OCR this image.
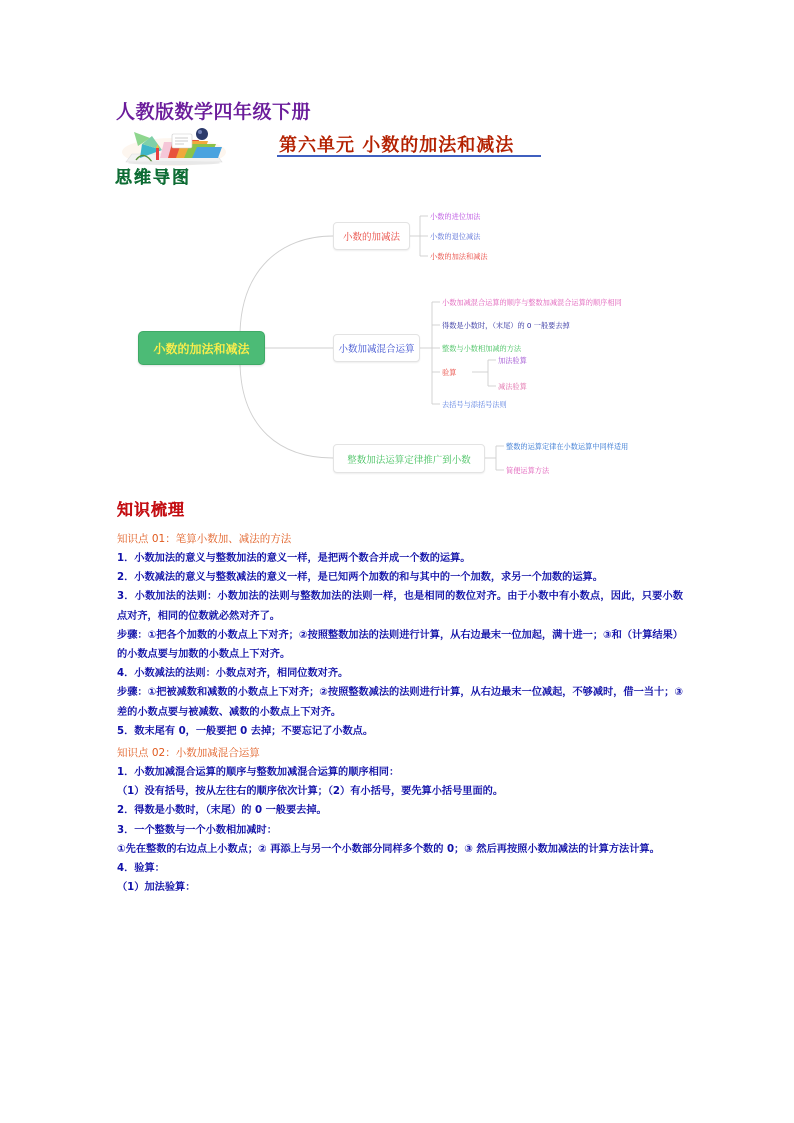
人教版数学四年级下册
第六单元 小数的加法和减法
思维导图
小数的加法和减法
小数的加减法
小数的进位加法
小数的退位减法
小数的加法和减法
小数加减混合运算
小数加减混合运算的顺序与整数加减混合运算的顺序相同
得数是小数时，（末尾）的 0 一般要去掉
整数与小数相加减的方法
验算
去括号与添括号法则
加法验算
减法验算
整数加法运算定律推广到小数
整数的运算定律在小数运算中同样适用
简便运算方法
知识梳理
知识点 01：笔算小数加、减法的方法
1．小数加法的意义与整数加法的意义一样，是把两个数合并成一个数的运算。
2．小数减法的意义与整数减法的意义一样，是已知两个加数的和与其中的一个加数，求另一个加数的运算。
3．小数加法的法则：小数加法的法则与整数加法的法则一样，也是相同的数位对齐。由于小数中有小数点，因此，只要小数点对齐，相同的位数就必然对齐了。
步骤：①把各个加数的小数点上下对齐；②按照整数加法的法则进行计算，从右边最末一位加起，满十进一；③和（计算结果）的小数点要与加数的小数点上下对齐。
4．小数减法的法则：小数点对齐，相同位数对齐。
步骤：①把被减数和减数的小数点上下对齐；②按照整数减法的法则进行计算，从右边最末一位减起，不够减时，借一当十；③差的小数点要与被减数、减数的小数点上下对齐。
5．数末尾有 0，一般要把 0 去掉；不要忘记了小数点。
知识点 02：小数加减混合运算
1．小数加减混合运算的顺序与整数加减混合运算的顺序相同：
（1）没有括号，按从左往右的顺序依次计算；（2）有小括号，要先算小括号里面的。
2．得数是小数时，（末尾）的 0 一般要去掉。
3．一个整数与一个小数相加减时：
①先在整数的右边点上小数点；② 再添上与另一个小数部分同样多个数的 0；③ 然后再按照小数加减法的计算方法计算。
4．验算：
（1）加法验算：
